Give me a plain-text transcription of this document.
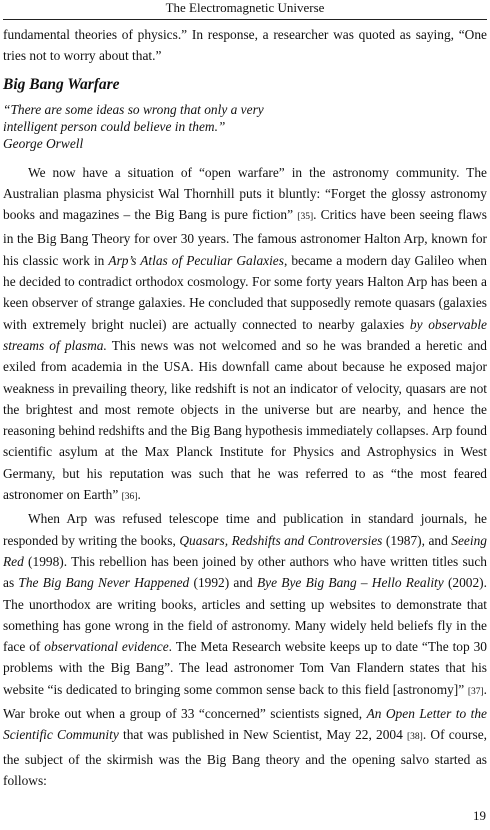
The Electromagnetic Universe

fundamental theories of physics.” In response, a researcher was quoted as saying, “One tries not to worry about that.”

Big Bang Warfare

“There are some ideas so wrong that only a very
intelligent person could believe in them.”
George Orwell

We now have a situation of “open warfare” in the astronomy community. The Australian plasma physicist Wal Thornhill puts it bluntly: “Forget the glossy astronomy books and magazines – the Big Bang is pure fiction” [35]. Critics have been seeing flaws in the Big Bang Theory for over 30 years. The famous astronomer Halton Arp, known for his classic work in Arp’s Atlas of Peculiar Galaxies, became a modern day Galileo when he decided to contradict orthodox cosmology. For some forty years Halton Arp has been a keen observer of strange galaxies. He concluded that supposedly remote quasars (galaxies with extremely bright nuclei) are actually connected to nearby galaxies by observable streams of plasma. This news was not welcomed and so he was branded a heretic and exiled from academia in the USA. His downfall came about because he exposed major weakness in prevailing theory, like redshift is not an indicator of velocity, quasars are not the brightest and most remote objects in the universe but are nearby, and hence the reasoning behind redshifts and the Big Bang hypothesis immediately collapses. Arp found scientific asylum at the Max Planck Institute for Physics and Astrophysics in West Germany, but his reputation was such that he was referred to as “the most feared astronomer on Earth” [36].

When Arp was refused telescope time and publication in standard journals, he responded by writing the books, Quasars, Redshifts and Controversies (1987), and Seeing Red (1998). This rebellion has been joined by other authors who have written titles such as The Big Bang Never Happened (1992) and Bye Bye Big Bang – Hello Reality (2002). The unorthodox are writing books, articles and setting up websites to demonstrate that something has gone wrong in the field of astronomy. Many widely held beliefs fly in the face of observational evidence. The Meta Research website keeps up to date “The top 30 problems with the Big Bang”. The lead astronomer Tom Van Flandern states that his website “is dedicated to bringing some common sense back to this field [astronomy]” [37]. War broke out when a group of 33 “concerned” scientists signed, An Open Letter to the Scientific Community that was published in New Scientist, May 22, 2004 [38]. Of course, the subject of the skirmish was the Big Bang theory and the opening salvo started as follows:

19
